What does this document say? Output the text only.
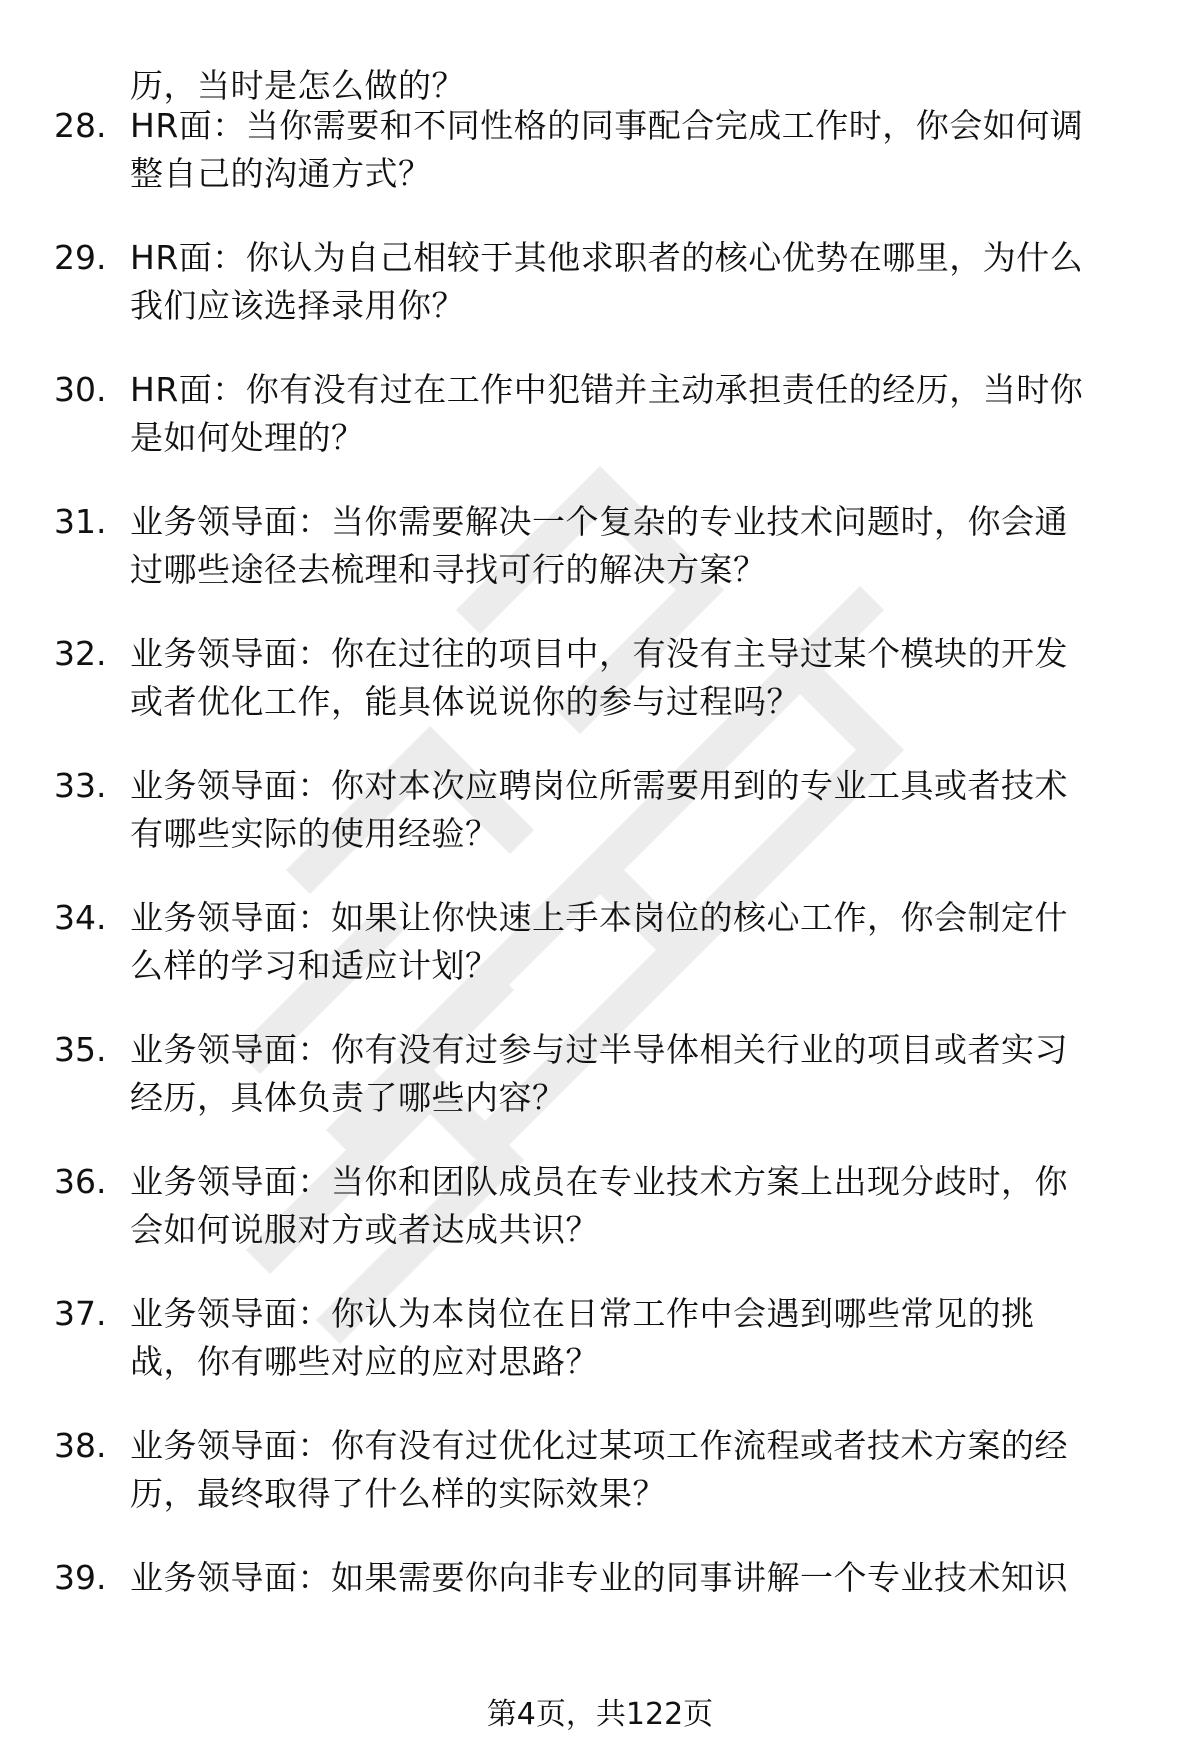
历，当时是怎么做的？
28. HR面：当你需要和不同性格的同事配合完成工作时，你会如何调
整自己的沟通方式？
29. HR面：你认为自己相较于其他求职者的核心优势在哪里，为什么
我们应该选择录用你？
30. HR面：你有没有过在工作中犯错并主动承担责任的经历，当时你
是如何处理的？
31. 业务领导面：当你需要解决一个复杂的专业技术问题时，你会通
过哪些途径去梳理和寻找可行的解决方案？
32. 业务领导面：你在过往的项目中，有没有主导过某个模块的开发
或者优化工作，能具体说说你的参与过程吗？
33. 业务领导面：你对本次应聘岗位所需要用到的专业工具或者技术
有哪些实际的使用经验？
34. 业务领导面：如果让你快速上手本岗位的核心工作，你会制定什
么样的学习和适应计划？
35. 业务领导面：你有没有过参与过半导体相关行业的项目或者实习
经历，具体负责了哪些内容？
36. 业务领导面：当你和团队成员在专业技术方案上出现分歧时，你
会如何说服对方或者达成共识？
37. 业务领导面：你认为本岗位在日常工作中会遇到哪些常见的挑
战，你有哪些对应的应对思路？
38. 业务领导面：你有没有过优化过某项工作流程或者技术方案的经
历，最终取得了什么样的实际效果？
39. 业务领导面：如果需要你向非专业的同事讲解一个专业技术知识
第4页，共122页
